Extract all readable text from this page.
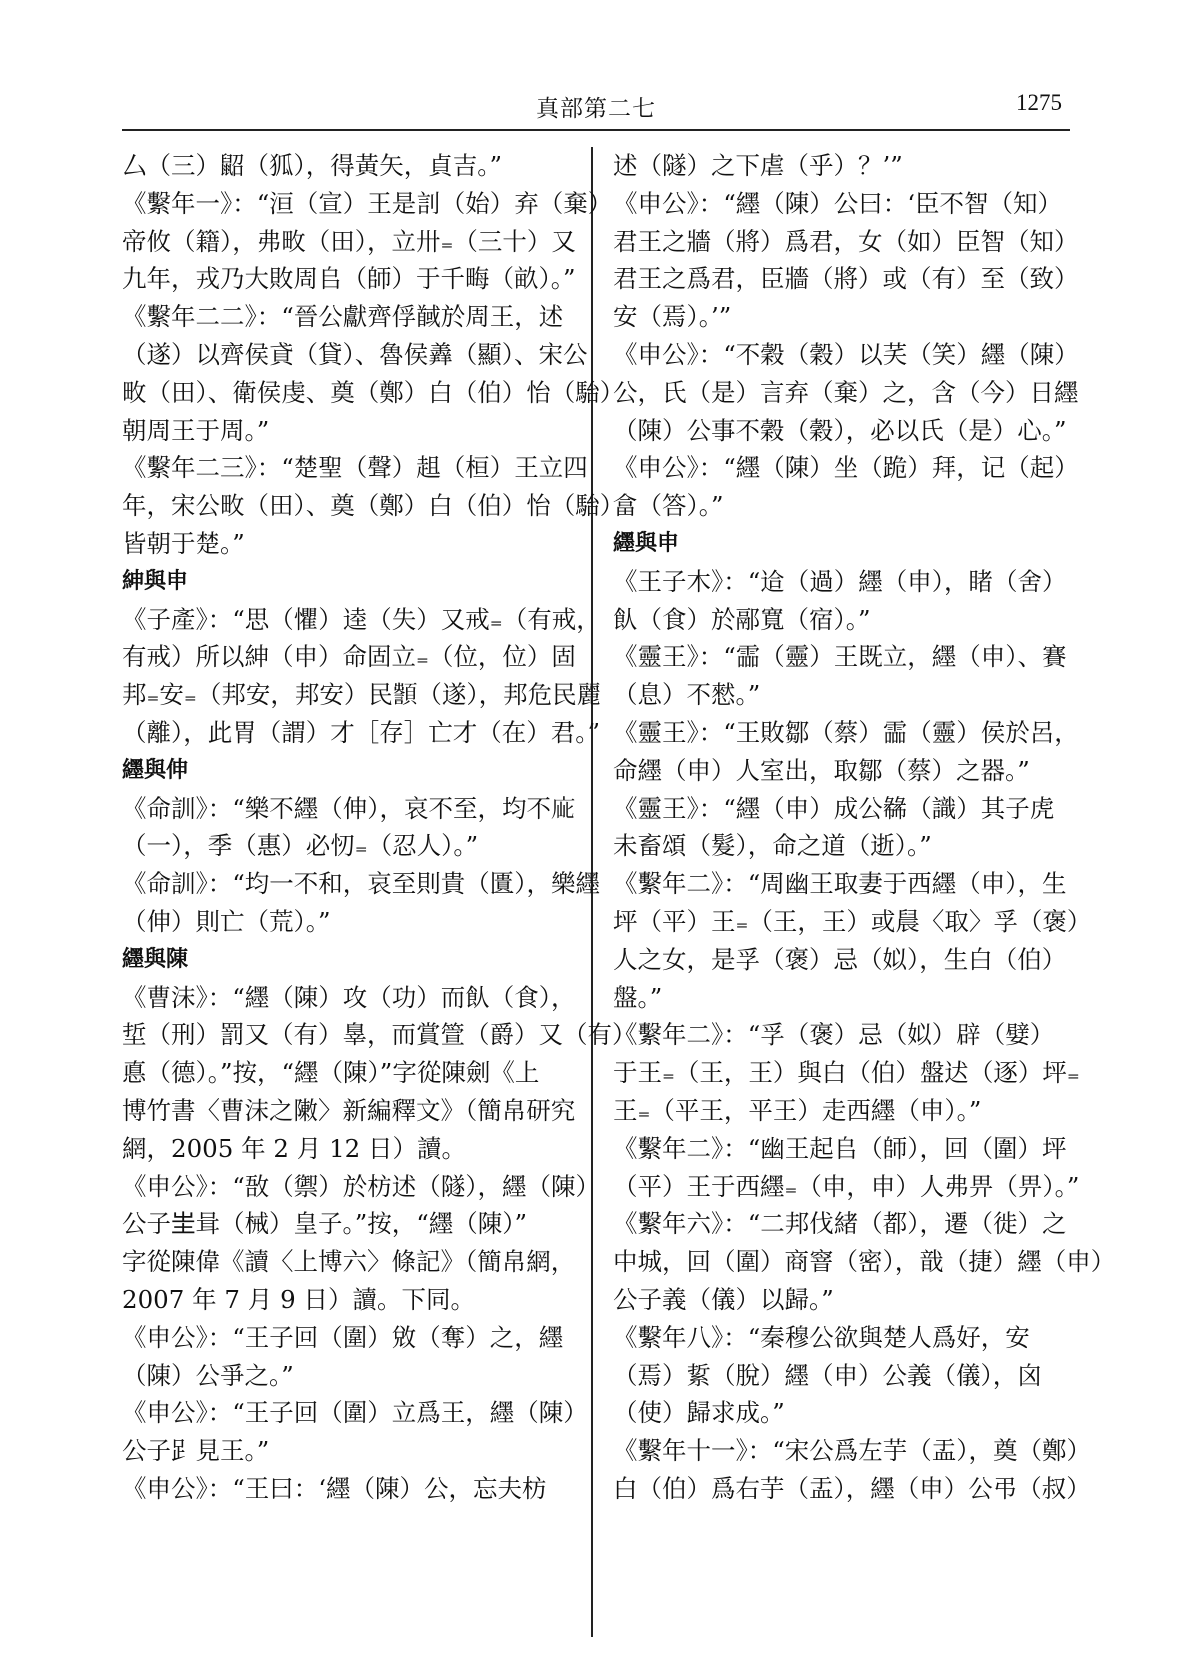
真部第二七	1275
厶（三）鼦（狐），得黃矢，貞吉。”
《繫年一》：“洹（宣）王是䚯（始）弃（棄）
帝攸（籍），弗畋（田），立卅₌（三十）又
九年，戎乃大敗周𠂤（師）于千畮（畝）。”
《繫年二二》：“晉公獻齊俘馘於周王，述
（遂）以齊侯貣（貸）、魯侯羴（顯）、宋公
畋（田）、衛侯虔、奠（鄭）白（伯）怡（駘）
朝周王于周。”
《繫年二三》：“楚聖（聲）趄（桓）王立四
年，宋公畋（田）、奠（鄭）白（伯）怡（駘）
皆朝于楚。”
紳與申
《子產》：“思（懼）逵（失）又戒₌（有戒，
有戒）所以紳（申）命固立₌（位，位）固
邦₌安₌（邦安，邦安）民𩕵（遂），邦危民麗
（離），此胃（謂）才［存］亡才（在）君。”
纆與伸
《命訓》：“樂不纆（伸），哀不至，均不𢈃
（一），季（惠）必㣼₌（忍人）。”
《命訓》：“均一不和，哀至則貴（匱），樂纆
（伸）則亡（荒）。”
纆與陳
《曹沫》：“纆（陳）攻（功）而飤（食），
埑（刑）罰又（有）辠，而賞箮（爵）又（有）
悳（德）。”按，“纆（陳）”字從陳劍《上
博竹書〈曹沫之敶〉新編釋文》（簡帛研究
網，2005 年 2 月 12 日）讀。
《申公》：“敔（禦）於枋述（隧），纆（陳）
公子𡉚咠（械）皇子。”按，“纆（陳）”
字從陳偉《讀〈上博六〉條記》（簡帛網，
2007 年 7 月 9 日）讀。下同。
《申公》：“王子回（圍）敓（奪）之，纆
（陳）公爭之。”
《申公》：“王子回（圍）立爲王，纆（陳）
公子𧾷見王。”
《申公》：“王曰：‘纆（陳）公，忘夫枋
述（隧）之下虐（乎）？’”
《申公》：“纆（陳）公曰：‘臣不智（知）
君王之牆（將）爲君，女（如）臣智（知）
君王之爲君，臣牆（將）或（有）至（致）
安（焉）。’”
《申公》：“不穀（穀）以芺（笑）纆（陳）
公，氏（是）言弃（棄）之，含（今）日纆
（陳）公事不穀（穀），必以氏（是）心。”
《申公》：“纆（陳）坐（跪）拜，记（起）
畣（答）。”
纆與申
《王子木》：“䢔（過）纆（申），睹（舍）
飤（食）於䣓寬（宿）。”
《靈王》：“霝（靈）王既立，纆（申）、賽
（息）不憖。”
《靈王》：“王敗鄒（蔡）霝（靈）侯於呂，
命纆（申）人室出，取鄒（蔡）之器。”
《靈王》：“纆（申）成公㣈（識）其子虎
未畜頌（髮），命之道（逝）。”
《繫年二》：“周幽王取妻于西纆（申），生
坪（平）王₌（王，王）或䢅〈取〉孚（褒）
人之女，是孚（褒）忌（姒），生白（伯）
盤。”
《繫年二》：“孚（褒）忌（姒）辟（嬖）
于王₌（王，王）與白（伯）盤迖（逐）坪₌
王₌（平王，平王）走西纆（申）。”
《繫年二》：“幽王起𠂤（師），回（圍）坪
（平）王于西纆₌（申，申）人弗畀（畀）。”
《繫年六》：“二邦伐緒（都），遷（徙）之
中城，回（圍）商窨（密），戠（捷）纆（申）
公子義（儀）以歸。”
《繫年八》：“秦穆公欲與楚人爲好，安
（焉）䋢（脫）纆（申）公義（儀），囟
（使）歸求成。”
《繫年十一》：“宋公爲左芋（盂），奠（鄭）
白（伯）爲右芋（盂），纆（申）公弔（叔）
